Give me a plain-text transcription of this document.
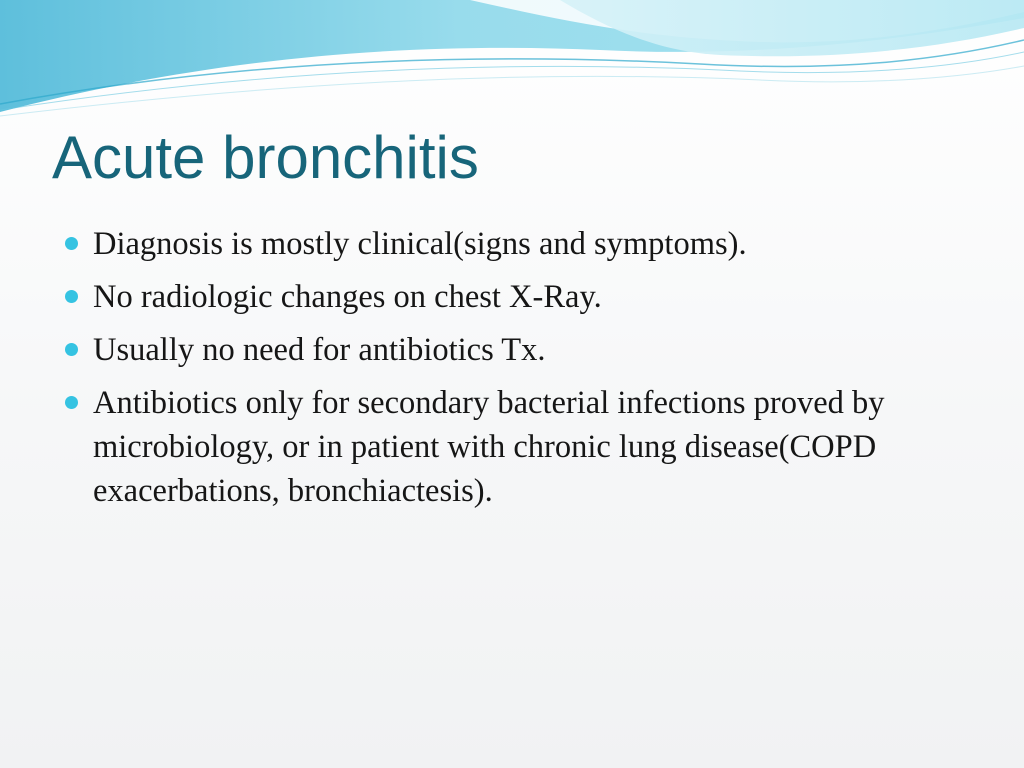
Acute bronchitis
Diagnosis is mostly clinical(signs and symptoms).
No radiologic changes on chest X-Ray.
Usually no need for antibiotics Tx.
Antibiotics only for secondary bacterial infections proved by microbiology, or in patient with chronic lung disease(COPD exacerbations, bronchiactesis).
